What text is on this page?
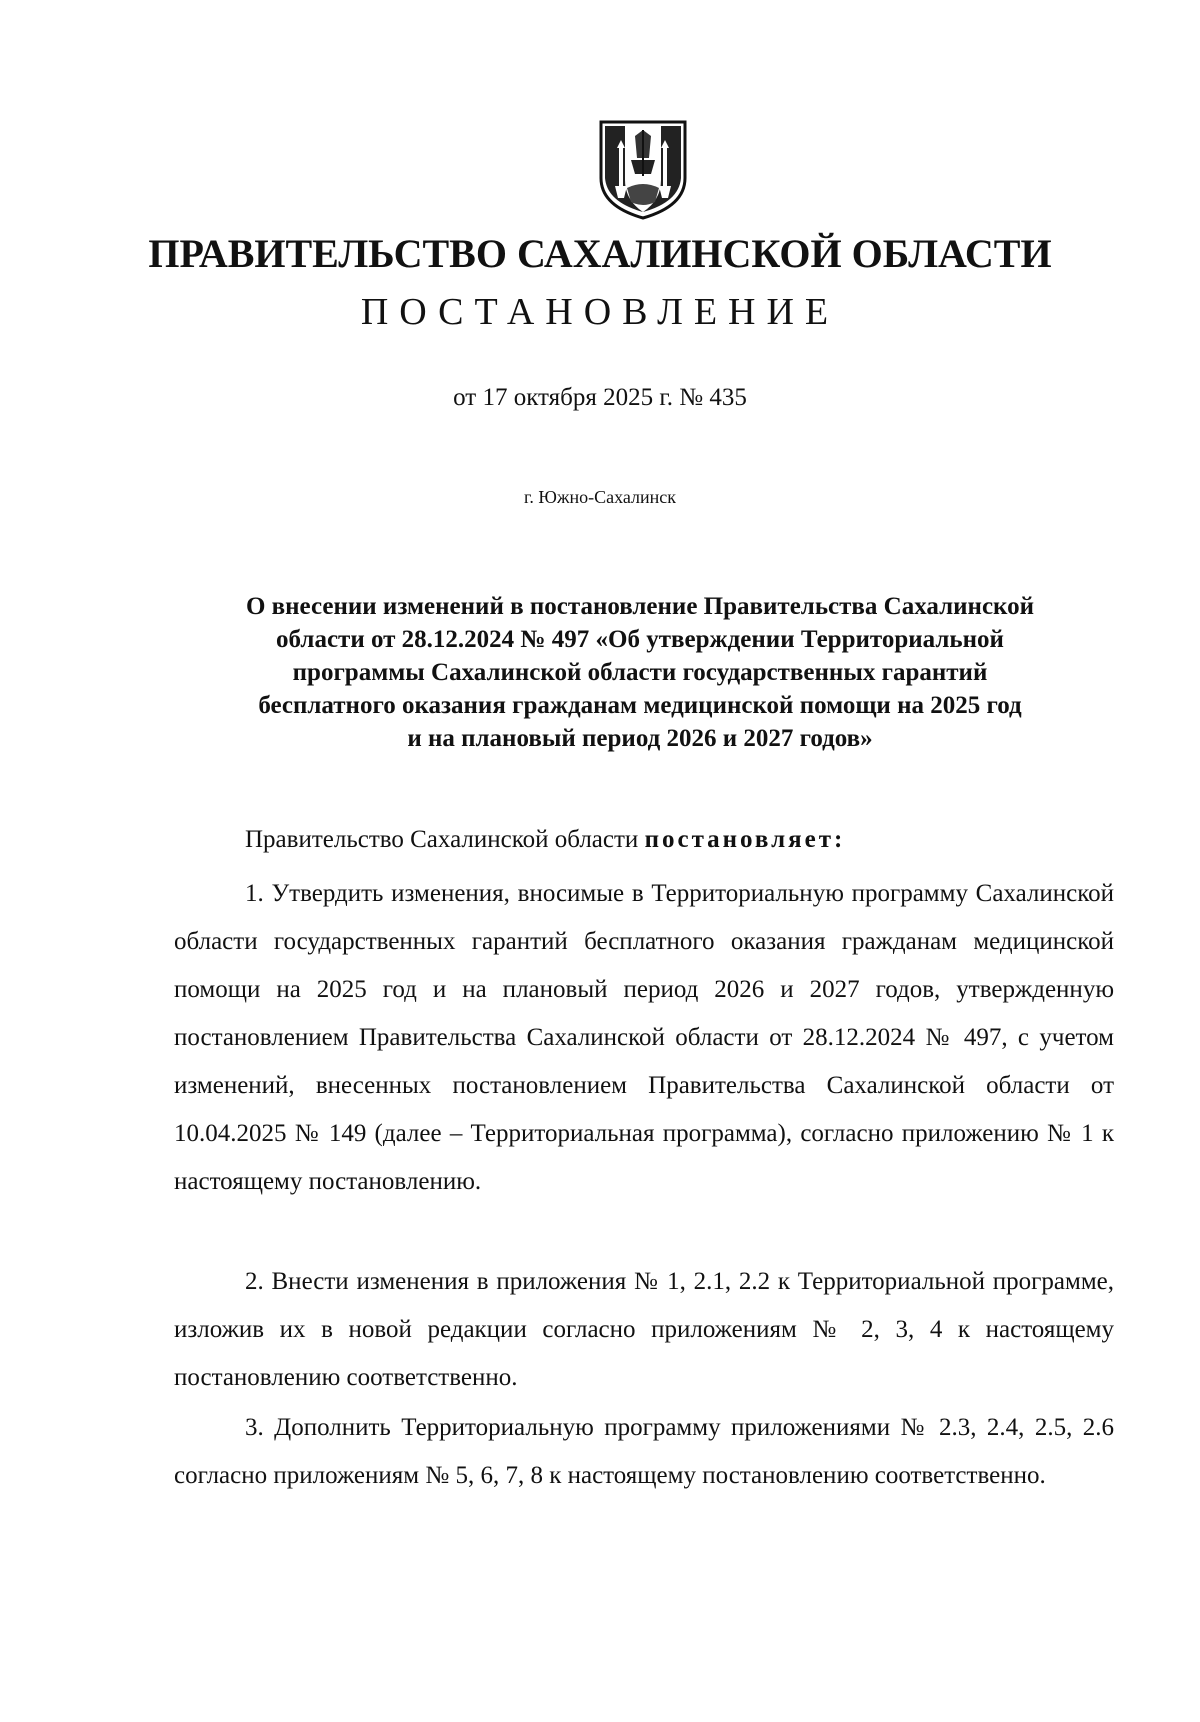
ПРАВИТЕЛЬСТВО САХАЛИНСКОЙ ОБЛАСТИ
ПОСТАНОВЛЕНИЕ
от 17 октября 2025 г. № 435
г. Южно-Сахалинск
О внесении изменений в постановление Правительства Сахалинской
области от 28.12.2024 № 497 «Об утверждении Территориальной
программы Сахалинской области государственных гарантий
бесплатного оказания гражданам медицинской помощи на 2025 год
и на плановый период 2026 и 2027 годов»
Правительство Сахалинской области постановляет:
1. Утвердить изменения, вносимые в Территориальную программу Сахалинской области государственных гарантий бесплатного оказания гражданам медицинской помощи на 2025 год и на плановый период 2026 и 2027 годов, утвержденную постановлением Правительства Сахалинской области от 28.12.2024 № 497, с учетом изменений, внесенных постановлением Правительства Сахалинской области от 10.04.2025 № 149 (далее – Территориальная программа), согласно приложению № 1 к настоящему постановлению.
2. Внести изменения в приложения № 1, 2.1, 2.2 к Территориальной программе, изложив их в новой редакции согласно приложениям № 2, 3, 4 к настоящему постановлению соответственно.
3. Дополнить Территориальную программу приложениями № 2.3, 2.4, 2.5, 2.6 согласно приложениям № 5, 6, 7, 8 к настоящему постановлению соответственно.
